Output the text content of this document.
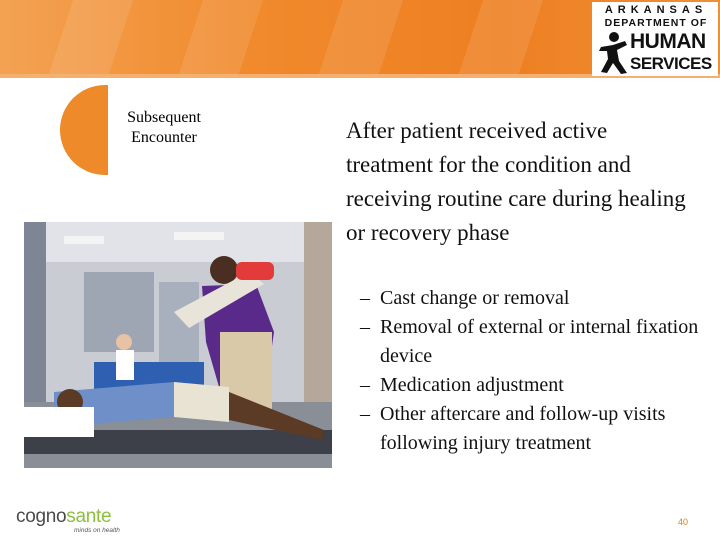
ARKANSAS
DEPARTMENT OF
HUMAN
SERVICES
Subsequent Encounter	After patient received active treatment for the condition and receiving routine care during healing or recovery phase
– Cast change or removal
– Removal of external or internal fixation device
– Medication adjustment
– Other aftercare and follow-up visits following injury treatment
cognosante
minds on health
40
